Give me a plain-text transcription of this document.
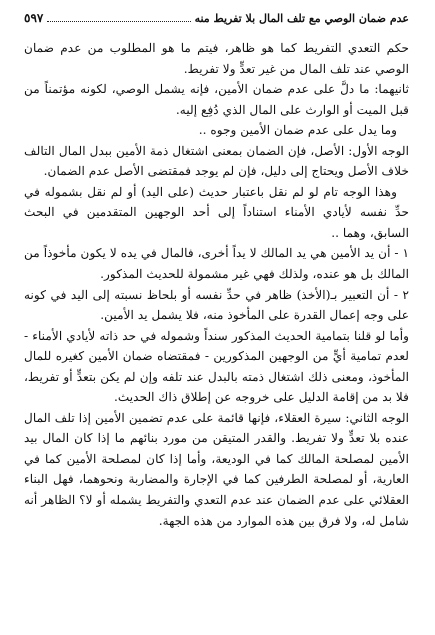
عدم ضمان الوصي مع تلف المال بلا تفريط منه
٥٩٧

حكم التعدي التفريط كما هو ظاهر، فيتم ما هو المطلوب من عدم ضمان الوصي عند تلف المال من غير تعدٍّ ولا تفريط.

ثانيهما: ما دلَّ على عدم ضمان الأمين، فإنه يشمل الوصي، لكونه مؤتمناً من قبل الميت أو الوارث على المال الذي دُفِع إليه.

وما يدل على عدم ضمان الأمين وجوه ..

الوجه الأول: الأصل، فإن الضمان بمعنى اشتغال ذمة الأمين ببدل المال التالف خلاف الأصل ويحتاج إلى دليل، فإن لم يوجد فمقتضى الأصل عدم الضمان.

وهذا الوجه تام لو لم نقل باعتبار حديث (على اليد) أو لم نقل بشموله في حدِّ نفسه لأيادي الأمناء استناداً إلى أحد الوجهين المتقدمين في البحث السابق، وهما ..

١ - أن يد الأمين هي يد المالك لا يداً أخرى، فالمال في يده لا يكون مأخوذاً من المالك بل هو عنده، ولذلك فهي غير مشمولة للحديث المذكور.

٢ - أن التعبير بـ(الأخذ) ظاهر في حدِّ نفسه أو بلحاظ نسبته إلى اليد في كونه على وجه إعمال القدرة على المأخوذ منه، فلا يشمل يد الأمين.

وأما لو قلنا بتمامية الحديث المذكور سنداً وشموله في حد ذاته لأيادي الأمناء - لعدم تمامية أيٍّ من الوجهين المذكورين - فمقتضاه ضمان الأمين كغيره للمال المأخوذ، ومعنى ذلك اشتغال ذمته بالبدل عند تلفه وإن لم يكن بتعدٍّ أو تفريط، فلا بد من إقامة الدليل على خروجه عن إطلاق ذاك الحديث.

الوجه الثاني: سيرة العقلاء، فإنها قائمة على عدم تضمين الأمين إذا تلف المال عنده بلا تعدٍّ ولا تفريط. والقدر المتيقن من مورد بنائهم ما إذا كان المال بيد الأمين لمصلحة المالك كما في الوديعة، وأما إذا كان لمصلحة الأمين كما في العارية، أو لمصلحة الطرفين كما في الإجارة والمضاربة ونحوهما، فهل البناء العقلائي على عدم الضمان عند عدم التعدي والتفريط يشمله أو لا؟ الظاهر أنه شامل له، ولا فرق بين هذه الموارد من هذه الجهة.
